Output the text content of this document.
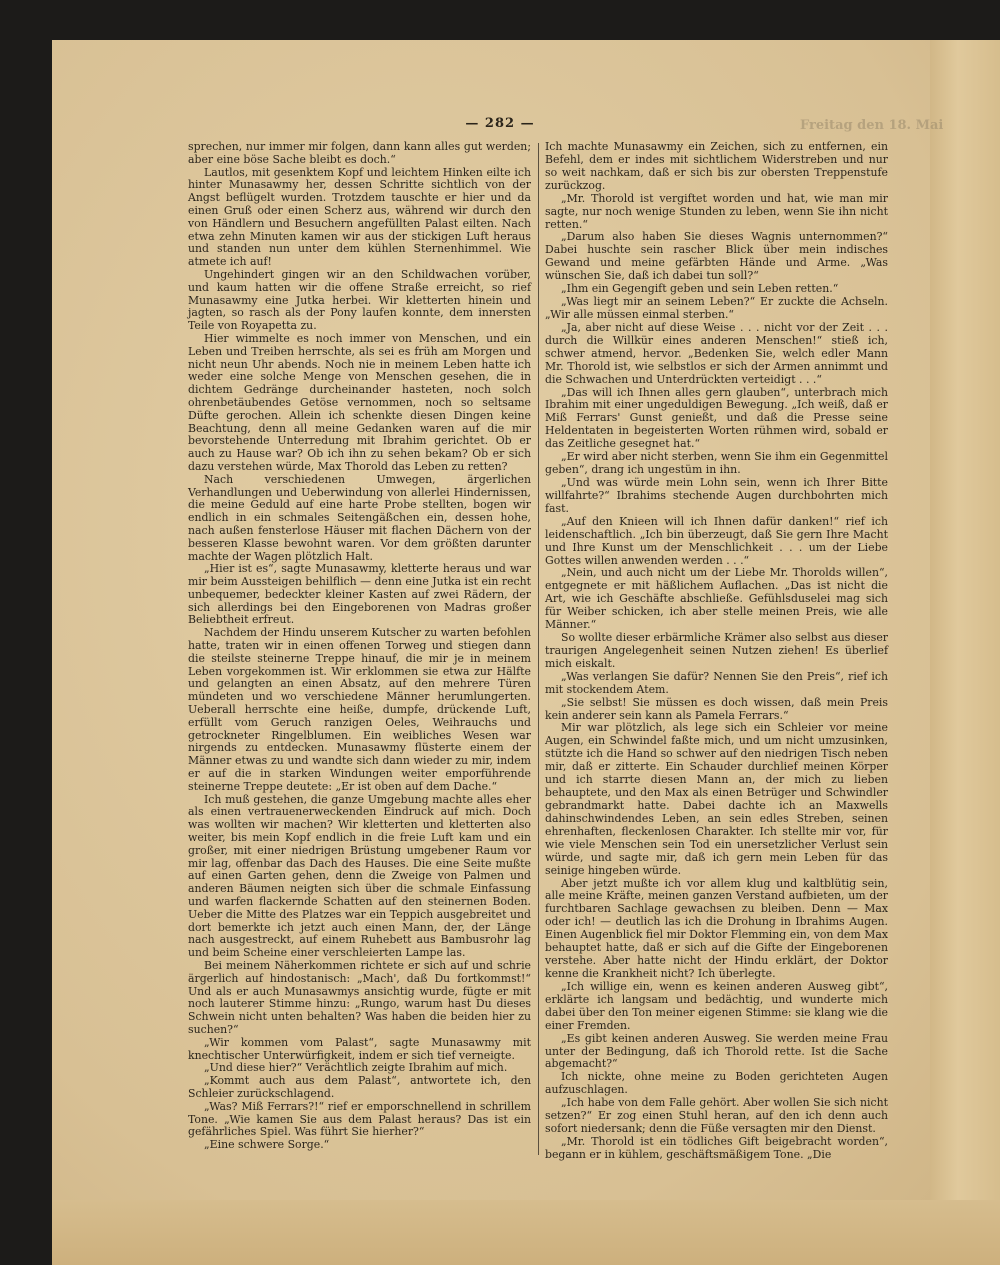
Freitag den 18. Mai
— 282 —

sprechen, nur immer mir folgen, dann kann alles gut werden; aber eine böse Sache bleibt es doch.“

Lautlos, mit gesenktem Kopf und leichtem Hinken eilte ich hinter Munasawmy her, dessen Schritte sichtlich von der Angst beflügelt wurden. Trotzdem tauschte er hier und da einen Gruß oder einen Scherz aus, während wir durch den von Händlern und Besuchern angefüllten Palast eilten. Nach etwa zehn Minuten kamen wir aus der stickigen Luft heraus und standen nun unter dem kühlen Sternenhimmel. Wie atmete ich auf!

Ungehindert gingen wir an den Schildwachen vorüber, und kaum hatten wir die offene Straße erreicht, so rief Munasawmy eine Jutka herbei. Wir kletterten hinein und jagten, so rasch als der Pony laufen konnte, dem innersten Teile von Royapetta zu.

Hier wimmelte es noch immer von Menschen, und ein Leben und Treiben herrschte, als sei es früh am Morgen und nicht neun Uhr abends. Noch nie in meinem Leben hatte ich weder eine solche Menge von Menschen gesehen, die in dichtem Gedränge durcheinander hasteten, noch solch ohrenbetäubendes Getöse vernommen, noch so seltsame Düfte gerochen. Allein ich schenkte diesen Dingen keine Beachtung, denn all meine Gedanken waren auf die mir bevorstehende Unterredung mit Ibrahim gerichtet. Ob er auch zu Hause war? Ob ich ihn zu sehen bekam? Ob er sich dazu verstehen würde, Max Thorold das Leben zu retten?

Nach verschiedenen Umwegen, ärgerlichen Verhandlungen und Ueberwindung von allerlei Hindernissen, die meine Geduld auf eine harte Probe stellten, bogen wir endlich in ein schmales Seitengäßchen ein, dessen hohe, nach außen fensterlose Häuser mit flachen Dächern von der besseren Klasse bewohnt waren. Vor dem größten darunter machte der Wagen plötzlich Halt.

„Hier ist es“, sagte Munasawmy, kletterte heraus und war mir beim Aussteigen behilflich — denn eine Jutka ist ein recht unbequemer, bedeckter kleiner Kasten auf zwei Rädern, der sich allerdings bei den Eingeborenen von Madras großer Beliebtheit erfreut.

Nachdem der Hindu unserem Kutscher zu warten befohlen hatte, traten wir in einen offenen Torweg und stiegen dann die steilste steinerne Treppe hinauf, die mir je in meinem Leben vorgekommen ist. Wir erklommen sie etwa zur Hälfte und gelangten an einen Absatz, auf den mehrere Türen mündeten und wo verschiedene Männer herumlungerten. Ueberall herrschte eine heiße, dumpfe, drückende Luft, erfüllt vom Geruch ranzigen Oeles, Weihrauchs und getrockneter Ringelblumen. Ein weibliches Wesen war nirgends zu entdecken. Munasawmy flüsterte einem der Männer etwas zu und wandte sich dann wieder zu mir, indem er auf die in starken Windungen weiter emporführende steinerne Treppe deutete: „Er ist oben auf dem Dache.“

Ich muß gestehen, die ganze Umgebung machte alles eher als einen vertrauenerweckenden Eindruck auf mich. Doch was wollten wir machen? Wir kletterten und kletterten also weiter, bis mein Kopf endlich in die freie Luft kam und ein großer, mit einer niedrigen Brüstung umgebener Raum vor mir lag, offenbar das Dach des Hauses. Die eine Seite mußte auf einen Garten gehen, denn die Zweige von Palmen und anderen Bäumen neigten sich über die schmale Einfassung und warfen flackernde Schatten auf den steinernen Boden. Ueber die Mitte des Platzes war ein Teppich ausgebreitet und dort bemerkte ich jetzt auch einen Mann, der, der Länge nach ausgestreckt, auf einem Ruhebett aus Bambusrohr lag und beim Scheine einer verschleierten Lampe las.

Bei meinem Näherkommen richtete er sich auf und schrie ärgerlich auf hindostanisch: „Mach', daß Du fortkommst!“ Und als er auch Munasawmys ansichtig wurde, fügte er mit noch lauterer Stimme hinzu: „Rungo, warum hast Du dieses Schwein nicht unten behalten? Was haben die beiden hier zu suchen?“

„Wir kommen vom Palast“, sagte Munasawmy mit knechtischer Unterwürfigkeit, indem er sich tief verneigte.

„Und diese hier?“ Verächtlich zeigte Ibrahim auf mich.

„Kommt auch aus dem Palast“, antwortete ich, den Schleier zurückschlagend.

„Was? Miß Ferrars?!“ rief er emporschnellend in schrillem Tone. „Wie kamen Sie aus dem Palast heraus? Das ist ein gefährliches Spiel. Was führt Sie hierher?“

„Eine schwere Sorge.“

Ich machte Munasawmy ein Zeichen, sich zu entfernen, ein Befehl, dem er indes mit sichtlichem Widerstreben und nur so weit nachkam, daß er sich bis zur obersten Treppenstufe zurückzog.

„Mr. Thorold ist vergiftet worden und hat, wie man mir sagte, nur noch wenige Stunden zu leben, wenn Sie ihn nicht retten.“

„Darum also haben Sie dieses Wagnis unternommen?“ Dabei huschte sein rascher Blick über mein indisches Gewand und meine gefärbten Hände und Arme. „Was wünschen Sie, daß ich dabei tun soll?“

„Ihm ein Gegengift geben und sein Leben retten.“

„Was liegt mir an seinem Leben?“ Er zuckte die Achseln. „Wir alle müssen einmal sterben.“

„Ja, aber nicht auf diese Weise . . . nicht vor der Zeit . . . durch die Willkür eines anderen Menschen!“ stieß ich, schwer atmend, hervor. „Bedenken Sie, welch edler Mann Mr. Thorold ist, wie selbstlos er sich der Armen annimmt und die Schwachen und Unterdrückten verteidigt . . .“

„Das will ich Ihnen alles gern glauben“, unterbrach mich Ibrahim mit einer ungeduldigen Bewegung. „Ich weiß, daß er Miß Ferrars' Gunst genießt, und daß die Presse seine Heldentaten in begeisterten Worten rühmen wird, sobald er das Zeitliche gesegnet hat.“

„Er wird aber nicht sterben, wenn Sie ihm ein Gegenmittel geben“, drang ich ungestüm in ihn.

„Und was würde mein Lohn sein, wenn ich Ihrer Bitte willfahrte?“ Ibrahims stechende Augen durchbohrten mich fast.

„Auf den Knieen will ich Ihnen dafür danken!“ rief ich leidenschaftlich. „Ich bin überzeugt, daß Sie gern Ihre Macht und Ihre Kunst um der Menschlichkeit . . . um der Liebe Gottes willen anwenden werden . . .“

„Nein, und auch nicht um der Liebe Mr. Thorolds willen“, entgegnete er mit häßlichem Auflachen. „Das ist nicht die Art, wie ich Geschäfte abschließe. Gefühlsduselei mag sich für Weiber schicken, ich aber stelle meinen Preis, wie alle Männer.“

So wollte dieser erbärmliche Krämer also selbst aus dieser traurigen Angelegenheit seinen Nutzen ziehen! Es überlief mich eiskalt.

„Was verlangen Sie dafür? Nennen Sie den Preis“, rief ich mit stockendem Atem.

„Sie selbst! Sie müssen es doch wissen, daß mein Preis kein anderer sein kann als Pamela Ferrars.“

Mir war plötzlich, als lege sich ein Schleier vor meine Augen, ein Schwindel faßte mich, und um nicht umzusinken, stützte ich die Hand so schwer auf den niedrigen Tisch neben mir, daß er zitterte. Ein Schauder durchlief meinen Körper und ich starrte diesen Mann an, der mich zu lieben behauptete, und den Max als einen Betrüger und Schwindler gebrandmarkt hatte. Dabei dachte ich an Maxwells dahinschwindendes Leben, an sein edles Streben, seinen ehrenhaften, fleckenlosen Charakter. Ich stellte mir vor, für wie viele Menschen sein Tod ein unersetzlicher Verlust sein würde, und sagte mir, daß ich gern mein Leben für das seinige hingeben würde.

Aber jetzt mußte ich vor allem klug und kaltblütig sein, alle meine Kräfte, meinen ganzen Verstand aufbieten, um der furchtbaren Sachlage gewachsen zu bleiben. Denn — Max oder ich! — deutlich las ich die Drohung in Ibrahims Augen. Einen Augenblick fiel mir Doktor Flemming ein, von dem Max behauptet hatte, daß er sich auf die Gifte der Eingeborenen verstehe. Aber hatte nicht der Hindu erklärt, der Doktor kenne die Krankheit nicht? Ich überlegte.

„Ich willige ein, wenn es keinen anderen Ausweg gibt“, erklärte ich langsam und bedächtig, und wunderte mich dabei über den Ton meiner eigenen Stimme: sie klang wie die einer Fremden.

„Es gibt keinen anderen Ausweg. Sie werden meine Frau unter der Bedingung, daß ich Thorold rette. Ist die Sache abgemacht?“

Ich nickte, ohne meine zu Boden gerichteten Augen aufzuschlagen.

„Ich habe von dem Falle gehört. Aber wollen Sie sich nicht setzen?“ Er zog einen Stuhl heran, auf den ich denn auch sofort niedersank; denn die Füße versagten mir den Dienst.

„Mr. Thorold ist ein tödliches Gift beigebracht worden“, begann er in kühlem, geschäftsmäßigem Tone. „Die
